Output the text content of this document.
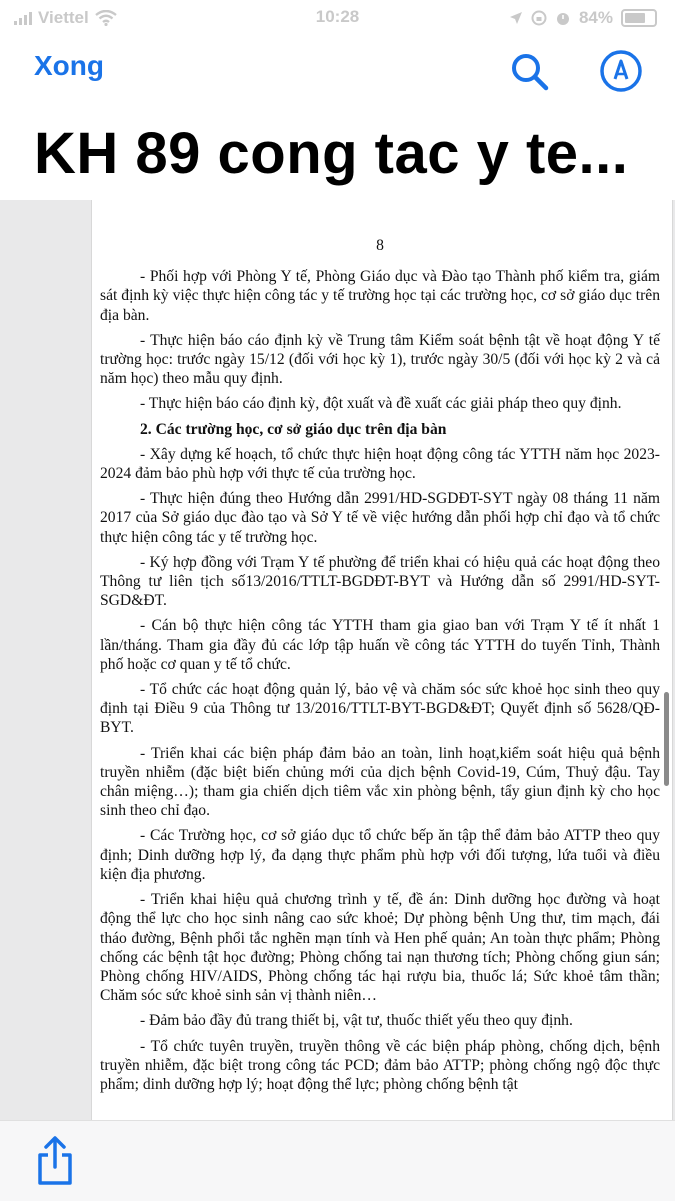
Viettel	10:28	84%
Xong
KH 89 cong tac y te...
8

- Phối hợp với Phòng Y tế, Phòng Giáo dục và Đào tạo Thành phố kiểm tra, giám sát định kỳ việc thực hiện công tác y tế trường học tại các trường học, cơ sở giáo dục trên địa bàn.

- Thực hiện báo cáo định kỳ về Trung tâm Kiểm soát bệnh tật về hoạt động Y tế trường học: trước ngày 15/12 (đối với học kỳ 1), trước ngày 30/5 (đối với học kỳ 2 và cả năm học) theo mẫu quy định.

- Thực hiện báo cáo định kỳ, đột xuất và đề xuất các giải pháp theo quy định.

2. Các trường học, cơ sở giáo dục trên địa bàn

- Xây dựng kế hoạch, tổ chức thực hiện hoạt động công tác YTTH năm học 2023-2024 đảm bảo phù hợp với thực tế của trường học.

- Thực hiện đúng theo Hướng dẫn 2991/HD-SGDĐT-SYT ngày 08 tháng 11 năm 2017 của Sở giáo dục đào tạo và Sở Y tế về việc hướng dẫn phối hợp chỉ đạo và tổ chức thực hiện công tác y tế trường học.

- Ký hợp đồng với Trạm Y tế phường để triển khai có hiệu quả các hoạt động theo Thông tư liên tịch số13/2016/TTLT-BGDĐT-BYT và Hướng dẫn số 2991/HD-SYT-SGD&ĐT.

- Cán bộ thực hiện công tác YTTH tham gia giao ban với Trạm Y tế ít nhất 1 lần/tháng. Tham gia đầy đủ các lớp tập huấn về công tác YTTH do tuyến Tỉnh, Thành phố hoặc cơ quan y tế tổ chức.

- Tổ chức các hoạt động quản lý, bảo vệ và chăm sóc sức khoẻ học sinh theo quy định tại Điều 9 của Thông tư 13/2016/TTLT-BYT-BGD&ĐT; Quyết định số 5628/QĐ-BYT.

- Triển khai các biện pháp đảm bảo an toàn, linh hoạt,kiểm soát hiệu quả bệnh truyền nhiễm (đặc biệt biến chủng mới của dịch bệnh Covid-19, Cúm, Thuỷ đậu. Tay chân miệng…); tham gia chiến dịch tiêm vắc xin phòng bệnh, tẩy giun định kỳ cho học sinh theo chỉ đạo.

- Các Trường học, cơ sở giáo dục tổ chức bếp ăn tập thể đảm bảo ATTP theo quy định; Dinh dưỡng hợp lý, đa dạng thực phẩm phù hợp với đối tượng, lứa tuổi và điều kiện địa phương.

- Triển khai hiệu quả chương trình y tế, đề án: Dinh dưỡng học đường và hoạt động thể lực cho học sinh nâng cao sức khoẻ; Dự phòng bệnh Ung thư, tim mạch, đái tháo đường, Bệnh phổi tắc nghẽn mạn tính và Hen phế quản; An toàn thực phẩm; Phòng chống các bệnh tật học đường; Phòng chống tai nạn thương tích; Phòng chống giun sán; Phòng chống HIV/AIDS, Phòng chống tác hại rượu bia, thuốc lá; Sức khoẻ tâm thần; Chăm sóc sức khoẻ sinh sản vị thành niên…

- Đảm bảo đầy đủ trang thiết bị, vật tư, thuốc thiết yếu theo quy định.

- Tổ chức tuyên truyền, truyền thông về các biện pháp phòng, chống dịch, bệnh truyền nhiễm, đặc biệt trong công tác PCD; đảm bảo ATTP; phòng chống ngộ độc thực phẩm; dinh dưỡng hợp lý; hoạt động thể lực; phòng chống bệnh tật
